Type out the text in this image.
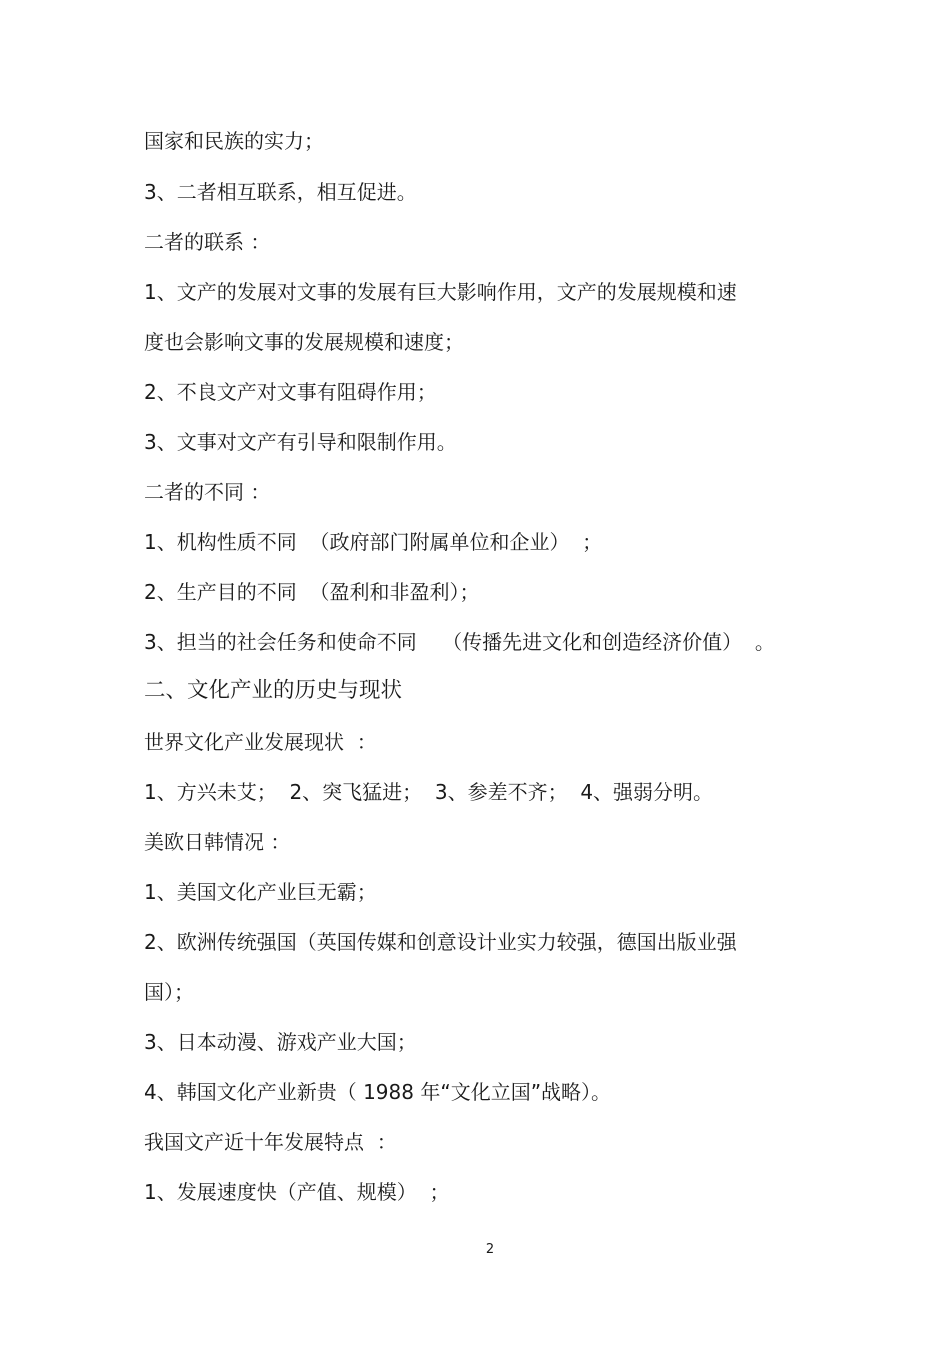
国家和民族的实力；
3、二者相互联系，相互促进。
二者的联系 ：
1、文产的发展对文事的发展有巨大影响作用，文产的发展规模和速
度也会影响文事的发展规模和速度；
2、不良文产对文事有阻碍作用；
3、文事对文产有引导和限制作用。
二者的不同 ：
1、机构性质不同  （政府部门附属单位和企业）  ；
2、生产目的不同  （盈利和非盈利）；
3、担当的社会任务和使命不同    （传播先进文化和创造经济价值）  。
二、文化产业的历史与现状
世界文化产业发展现状  ：
1、方兴未艾；  2、突飞猛进；  3、参差不齐；  4、强弱分明。
美欧日韩情况 ：
1、美国文化产业巨无霸；
2、欧洲传统强国（英国传媒和创意设计业实力较强，德国出版业强
国）；
3、日本动漫、游戏产业大国；
4、韩国文化产业新贵（ 1988 年“文化立国”战略）。
我国文产近十年发展特点  ：
1、发展速度快（产值、规模）  ；
2
